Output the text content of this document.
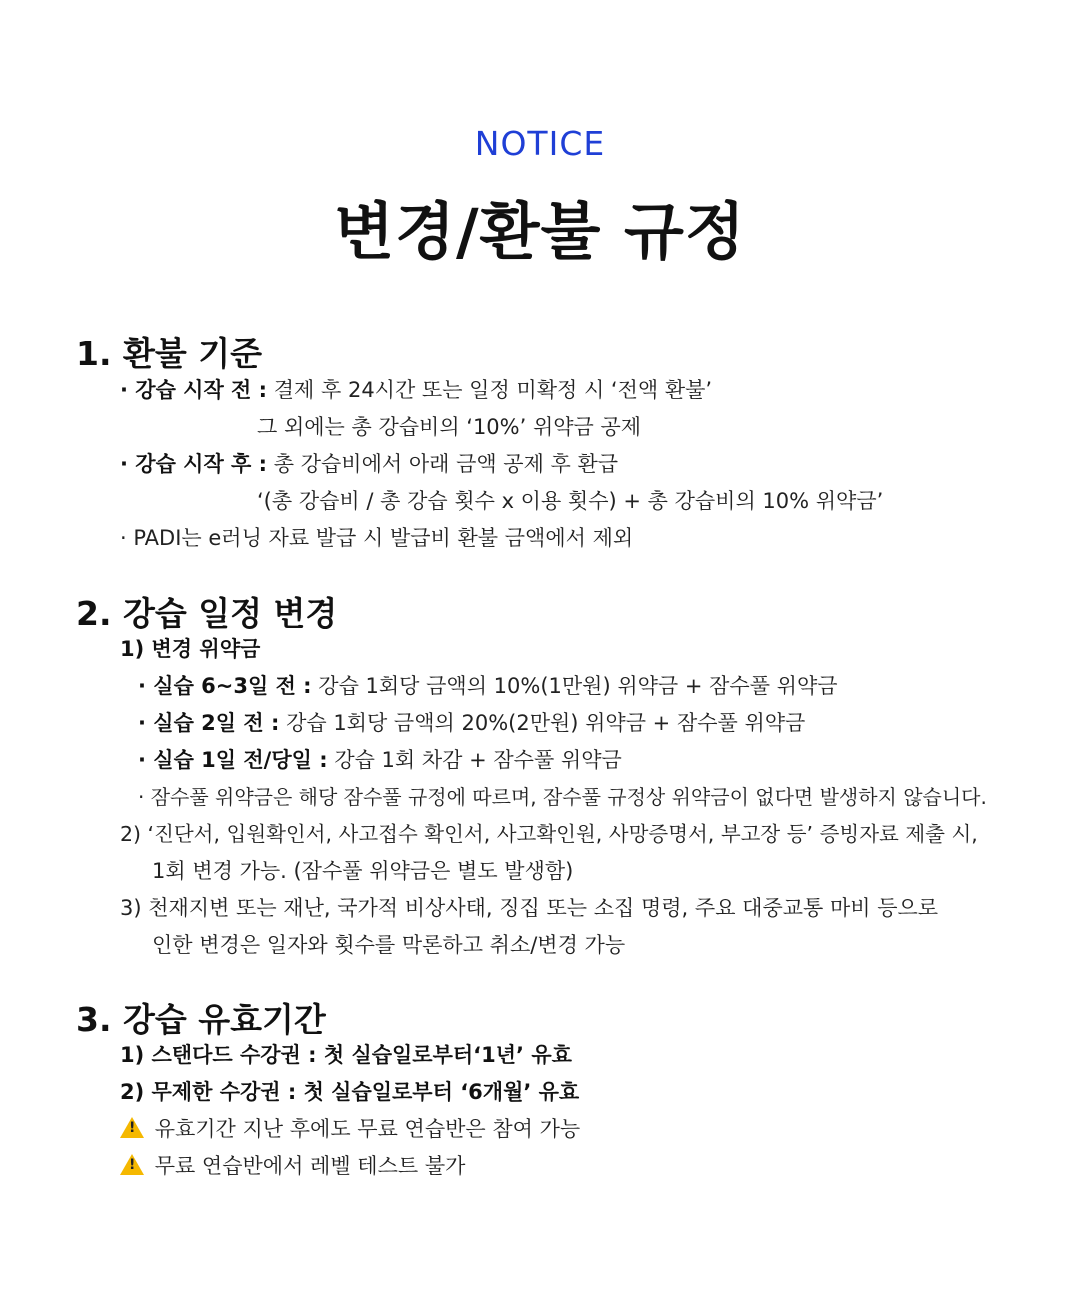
NOTICE
변경/환불 규정
1. 환불 기준
· 강습 시작 전 : 결제 후 24시간 또는 일정 미확정 시 ‘전액 환불’
그 외에는 총 강습비의 ‘10%’ 위약금 공제
· 강습 시작 후 : 총 강습비에서 아래 금액 공제 후 환급
‘(총 강습비 / 총 강습 횟수 x 이용 횟수) + 총 강습비의 10% 위약금’
· PADI는 e러닝 자료 발급 시 발급비 환불 금액에서 제외
2. 강습 일정 변경
1) 변경 위약금
· 실습 6~3일 전 : 강습 1회당 금액의 10%(1만원) 위약금 + 잠수풀 위약금
· 실습 2일 전 : 강습 1회당 금액의 20%(2만원) 위약금 + 잠수풀 위약금
· 실습 1일 전/당일 : 강습 1회 차감 + 잠수풀 위약금
· 잠수풀 위약금은 해당 잠수풀 규정에 따르며, 잠수풀 규정상 위약금이 없다면 발생하지 않습니다.
2) ‘진단서, 입원확인서, 사고접수 확인서, 사고확인원, 사망증명서, 부고장 등’ 증빙자료 제출 시,
1회 변경 가능. (잠수풀 위약금은 별도 발생함)
3) 천재지변 또는 재난, 국가적 비상사태, 징집 또는 소집 명령, 주요 대중교통 마비 등으로
인한 변경은 일자와 횟수를 막론하고 취소/변경 가능
3. 강습 유효기간
1) 스탠다드 수강권 : 첫 실습일로부터‘1년’ 유효
2) 무제한 수강권 : 첫 실습일로부터 ‘6개월’ 유효
! 유효기간 지난 후에도 무료 연습반은 참여 가능
! 무료 연습반에서 레벨 테스트 불가
